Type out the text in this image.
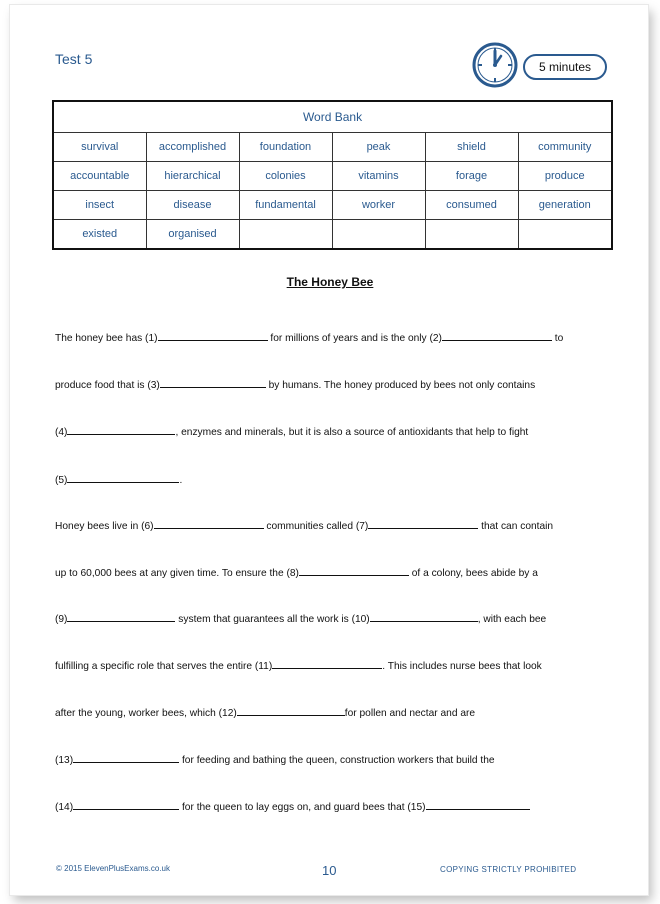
Test 5	5 minutes
Word Bank					
survival	accomplished	foundation	peak	shield	community
accountable	hierarchical	colonies	vitamins	forage	produce
insect	disease	fundamental	worker	consumed	generation
existed	organised				
The Honey Bee
The honey bee has (1)	for millions of years and is the only (2)	to
produce food that is (3)	by humans. The honey produced by bees not only contains
(4)	, enzymes and minerals, but it is also a source of antioxidants that help to fight
(5)	.
Honey bees live in (6)	communities called (7)	that can contain
up to 60,000 bees at any given time. To ensure the (8)	of a colony, bees abide by a
(9)	system that guarantees all the work is (10)	, with each bee
fulfilling a specific role that serves the entire (11)	. This includes nurse bees that look
after the young, worker bees, which (12)	for pollen and nectar and are
(13)	for feeding and bathing the queen, construction workers that build the
(14)	for the queen to lay eggs on, and guard bees that (15)
© 2015 ElevenPlusExams.co.uk	10	COPYING STRICTLY PROHIBITED
